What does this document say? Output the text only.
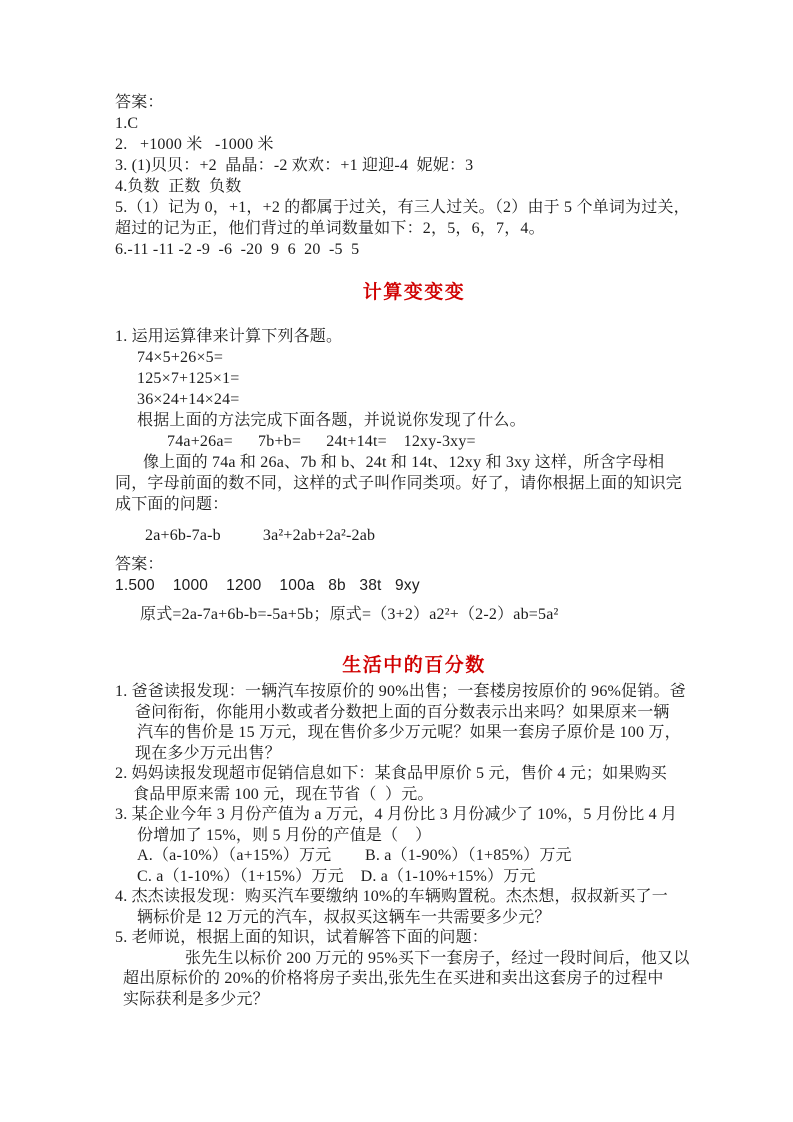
答案：
1.C
2.   +1000 米   -1000 米
3. (1)贝贝：+2  晶晶：-2 欢欢：+1 迎迎-4  妮妮：3
4.负数  正数  负数
5.（1）记为 0，+1，+2 的都属于过关，有三人过关。（2）由于 5 个单词为过关，
超过的记为正，他们背过的单词数量如下：2，5，6，7，4。
6.-11 -11 -2 -9  -6  -20  9  6  20  -5  5
计算变变变
1. 运用运算律来计算下列各题。
74×5+26×5=
125×7+125×1=
36×24+14×24=
根据上面的方法完成下面各题，并说说你发现了什么。
74a+26a=      7b+b=      24t+14t=    12xy-3xy=
像上面的 74a 和 26a、7b 和 b、24t 和 14t、12xy 和 3xy 这样，所含字母相
同，字母前面的数不同，这样的式子叫作同类项。好了，请你根据上面的知识完
成下面的问题：
2a+6b-7a-b          3a²+2ab+2a²-2ab
答案：
1.500    1000    1200    100a   8b   38t   9xy
原式=2a-7a+6b-b=-5a+5b；原式=（3+2）a2²+（2-2）ab=5a²
生活中的百分数
1. 爸爸读报发现：一辆汽车按原价的 90%出售；一套楼房按原价的 96%促销。爸
爸问衔衔，你能用小数或者分数把上面的百分数表示出来吗？如果原来一辆
汽车的售价是 15 万元，现在售价多少万元呢？如果一套房子原价是 100 万，
现在多少万元出售？
2. 妈妈读报发现超市促销信息如下：某食品甲原价 5 元，售价 4 元；如果购买
食品甲原来需 100 元，现在节省（  ）元。
3. 某企业今年 3 月份产值为 a 万元，4 月份比 3 月份减少了 10%，5 月份比 4 月
份增加了 15%，则 5 月份的产值是（    ）
A.（a-10%）（a+15%）万元        B. a（1-90%）（1+85%）万元
C. a（1-10%）（1+15%）万元    D. a（1-10%+15%）万元
4. 杰杰读报发现：购买汽车要缴纳 10%的车辆购置税。杰杰想，叔叔新买了一
辆标价是 12 万元的汽车，叔叔买这辆车一共需要多少元？
5. 老师说，根据上面的知识，试着解答下面的问题：
张先生以标价 200 万元的 95%买下一套房子，经过一段时间后，他又以
超出原标价的 20%的价格将房子卖出,张先生在买进和卖出这套房子的过程中
实际获利是多少元？
